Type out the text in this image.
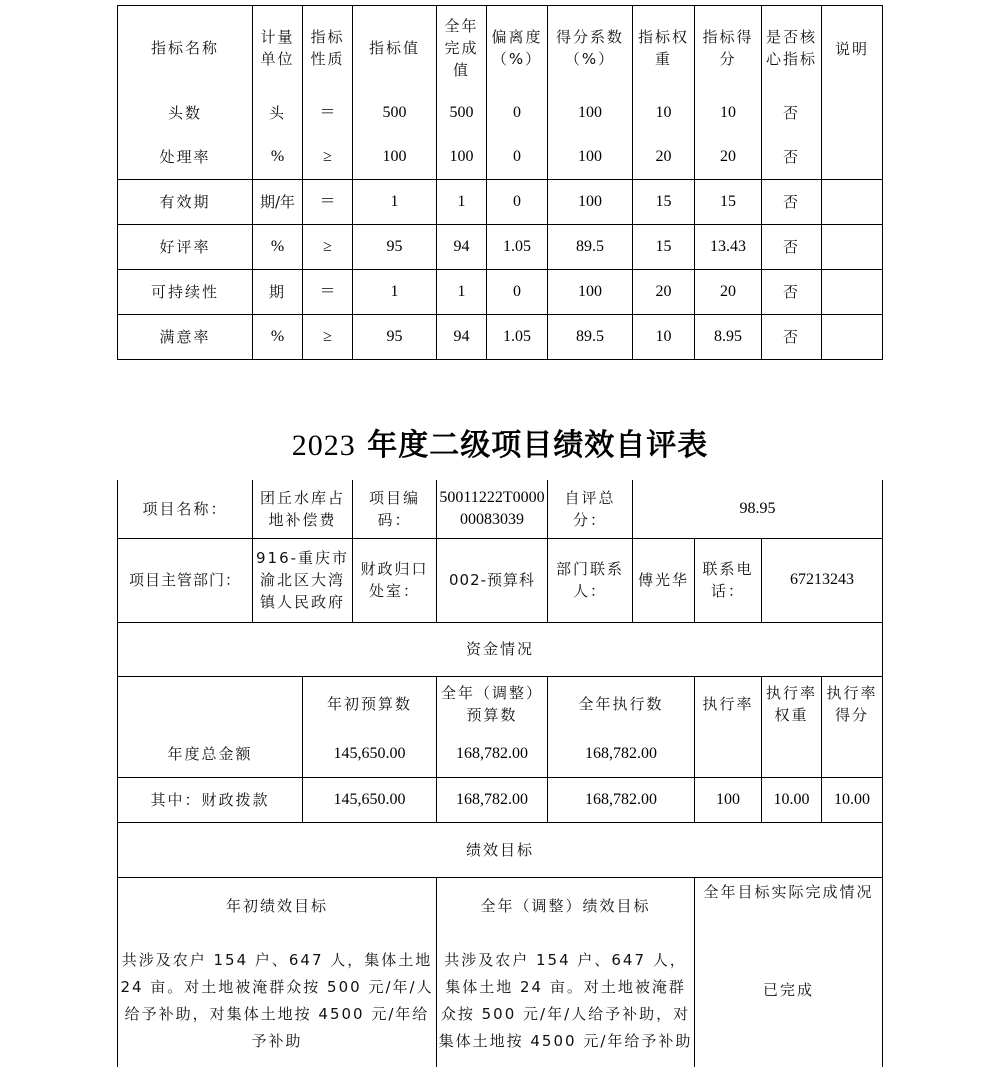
指标名称	计量单位	指标性质	指标值	全年完成值	偏离度（%）	得分系数（%）	指标权重	指标得分	是否核心指标	说明
头数	头	＝	500	500	0	100	10	10	否	
处理率	%	≥	100	100	0	100	20	20	否	
有效期	期/年	＝	1	1	0	100	15	15	否	
好评率	%	≥	95	94	1.05	89.5	15	13.43	否	
可持续性	期	＝	1	1	0	100	20	20	否	
满意率	%	≥	95	94	1.05	89.5	10	8.95	否	
2023 年度二级项目绩效自评表
项目名称：	团丘水库占地补偿费		项目编码：	50011222T000000083039	自评总分：	98.95			
项目主管部门：	916-重庆市渝北区大湾镇人民政府		财政归口处室：	002-预算科	部门联系人：	傅光华	联系电话：	67213243	
资金情况									
		年初预算数		全年（调整）预算数	全年执行数		执行率	执行率权重	执行率得分
年度总金额		145,650.00		168,782.00	168,782.00				
其中：财政拨款		145,650.00		168,782.00	168,782.00		100	10.00	10.00
绩效目标									
年初绩效目标				全年（调整）绩效目标			全年目标实际完成情况		
共涉及农户 154 户、647 人，集体土地 24 亩。对土地被淹群众按 500 元/年/人给予补助，对集体土地按 4500 元/年给予补助				共涉及农户 154 户、647 人，集体土地 24 亩。对土地被淹群众按 500 元/年/人给予补助，对集体土地按 4500 元/年给予补助			已完成		
